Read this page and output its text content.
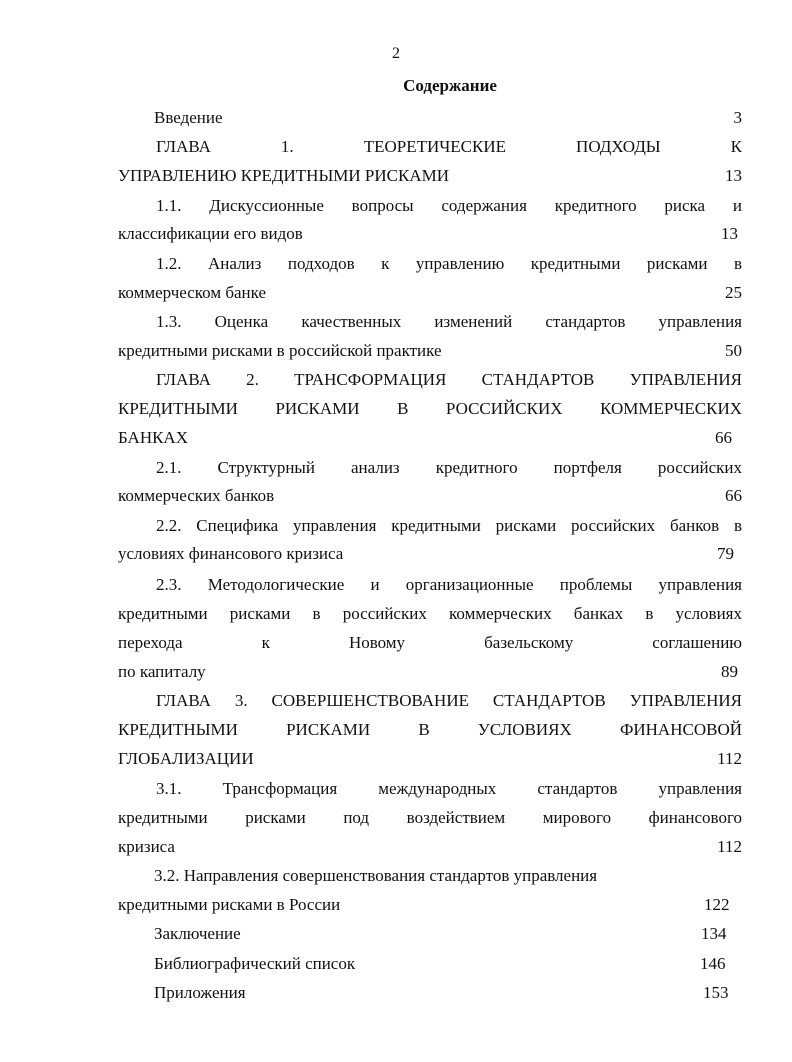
2
Содержание
Введение	3
ГЛАВА 1. ТЕОРЕТИЧЕСКИЕ ПОДХОДЫ К
УПРАВЛЕНИЮ КРЕДИТНЫМИ РИСКАМИ	13
1.1. Дискуссионные вопросы содержания кредитного риска и
классификации его видов	13
1.2. Анализ подходов к управлению кредитными рисками в
коммерческом банке	25
1.3. Оценка качественных изменений стандартов управления
кредитными рисками в российской практике	50
ГЛАВА 2. ТРАНСФОРМАЦИЯ СТАНДАРТОВ УПРАВЛЕНИЯ
КРЕДИТНЫМИ РИСКАМИ В РОССИЙСКИХ КОММЕРЧЕСКИХ
БАНКАХ	66
2.1. Структурный анализ кредитного портфеля российских
коммерческих банков	66
2.2. Специфика управления кредитными рисками российских банков в
условиях финансового кризиса	79
2.3. Методологические и организационные проблемы управления
кредитными рисками в российских коммерческих банках в условиях
перехода к Новому базельскому соглашению
по капиталу	89
ГЛАВА 3. СОВЕРШЕНСТВОВАНИЕ СТАНДАРТОВ УПРАВЛЕНИЯ
КРЕДИТНЫМИ РИСКАМИ В УСЛОВИЯХ ФИНАНСОВОЙ
ГЛОБАЛИЗАЦИИ	112
3.1. Трансформация международных стандартов управления
кредитными рисками под воздействием мирового финансового
кризиса	112
3.2. Направления совершенствования стандартов управления
кредитными рисками в России	122
Заключение	134
Библиографический список	146
Приложения	153
